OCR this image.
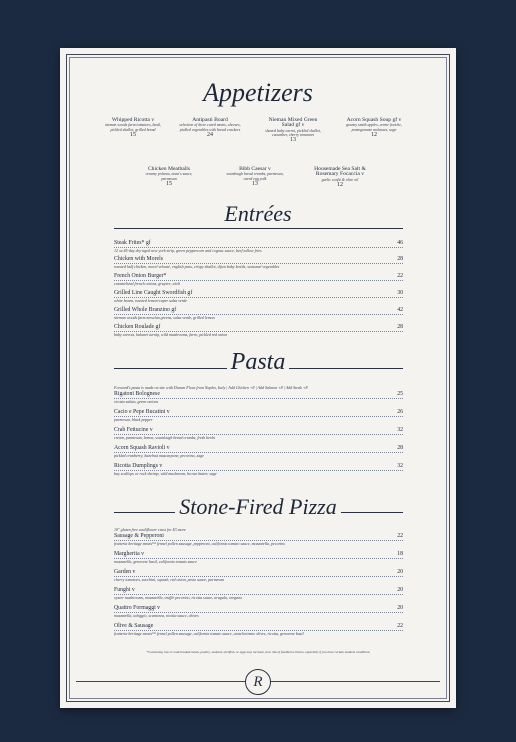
Appetizers
Whipped Ricotta v
nieman woods farm tomatoes, basil, pickled shallot, grilled bread
15
Antipasti Board
selection of three cured meats, cheeses, pickled vegetables with bread crackers
24
Nieman Mixed Green Salad gf v
shaved baby carrot, pickled shallot, cucumber, cherry tomatoes
13
Acorn Squash Soup gf v
granny smith apples, creme fraiche, pomegranate molasses, sage
12
Chicken Meatballs
creamy polenta, nona's sauce, parmesan
15
Bibb Caesar v
sourdough bread crumbs, parmesan, cured egg yolk
13
Housemade Sea Salt & Rosemary Focaccia v
garlic confit & olive oil
12
Entrées
Steak Frites* gf	46
12 oz 45-day dry-aged new york strip, green peppercorn and cognac sauce, beef tallow fries
Chicken with Morels	28
roasted half chicken, morel velouté, english peas, crispy shallot, dijon baby lentils, seasonal vegetables
French Onion Burger*	22
caramelized french onions, gruyere, aioli
Grilled Line Caught Swordfish gf	30
white beans, roasted lemon-caper salsa verde
Grilled Whole Branzino gf	42
nieman woods farm mesclun greens, salsa verde, grilled lemon
Chicken Roulade gf	28
baby carrots, hakurei turnip, wild mushrooms, farro, pickled red onion
Pasta
Forward's pasta is made on site with Durum Flour from Naples, Italy | Add Chicken +8 | Add Salmon +8 | Add Steak +8
Rigatoni Bolognese	25
ricotta salata, green onions
Cacio e Pepe Bucatini v	26
parmesan, black pepper
Crab Fettucine v	32
cream, parmesan, lemon, sourdough bread crumbs, fresh herbs
Acorn Squash Ravioli v	28
pickled cranberry, hazelnut mascarpone, pecorino, sage
Ricotta Dumplings v	32
bay scallops or rock shrimp, wild mushroom, brown butter, sage
Stone-Fired Pizza
10" gluten free cauliflower crust for $3 more
Sausage & Pepperoni	22
fratteria heritage meats™ fennel pollen sausage, pepperoni, california tomato sauce, mozzarella, pecorino
Margherita v	18
mozzarella, genovese basil, california tomato sauce
Garden v	20
cherry tomatoes, zucchini, squash, red onion, pesto sauce, parmesan
Funghi v	20
oyster mushrooms, mozzarella, truffle pecorino, ricotta sauce, arugula, oregano
Quattro Formaggi v	20
mozzarella, taleggio, scamorza, ricotta sauce, chives
Olive & Sausage	22
fratteria heritage meats™ fennel pollen sausage, california tomato sauce, castelvetrano olives, ricotta, genovese basil
*Consuming raw or undercooked meats, poultry, seafood, shellfish, or eggs may increase your risk of foodborne illness, especially if you have certain medical conditions
R
